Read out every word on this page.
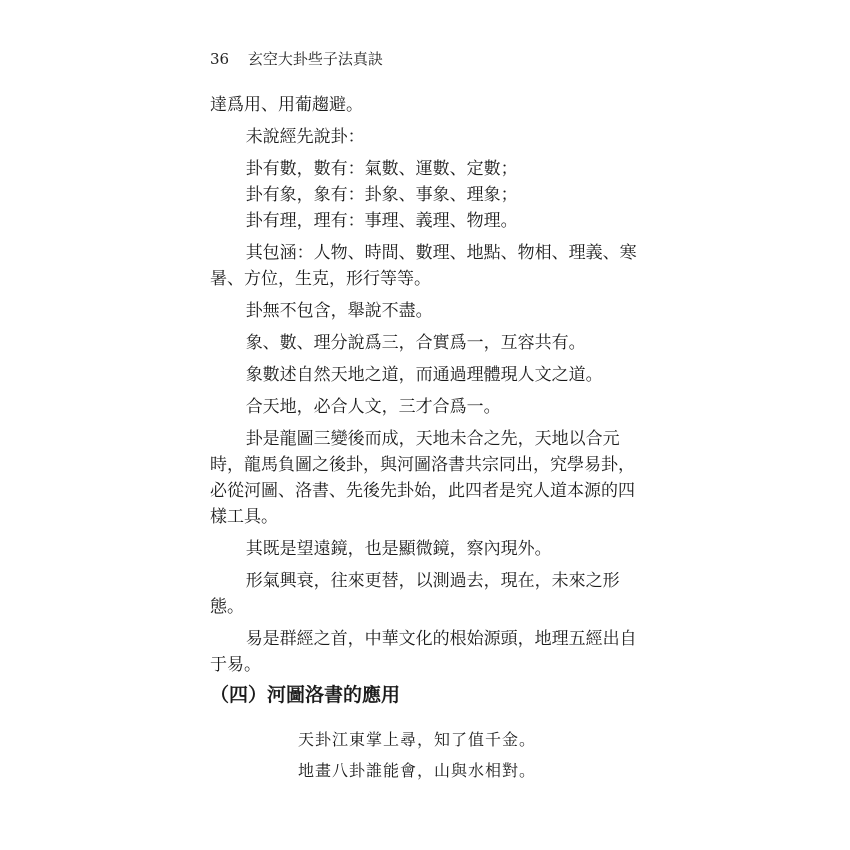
36 玄空大卦些子法真訣

達爲用、用葡趨避。

未說經先說卦：

卦有數，數有：氣數、運數、定數；

卦有象，象有：卦象、事象、理象；

卦有理，理有：事理、義理、物理。

其包涵：人物、時間、數理、地點、物相、理義、寒暑、方位，生克，形行等等。

卦無不包含，舉說不盡。

象、數、理分說爲三，合實爲一，互容共有。

象數述自然天地之道，而通過理體現人文之道。

合天地，必合人文，三才合爲一。

卦是龍圖三變後而成，天地未合之先，天地以合元時，龍馬負圖之後卦，與河圖洛書共宗同出，究學易卦，必從河圖、洛書、先後先卦始，此四者是究人道本源的四樣工具。

其既是望遠鏡，也是顯微鏡，察內現外。

形氣興衰，往來更替，以測過去，現在，未來之形態。

易是群經之首，中華文化的根始源頭，地理五經出自于易。

（四）河圖洛書的應用

天卦江東掌上尋，知了值千金。

地畫八卦誰能會，山與水相對。
